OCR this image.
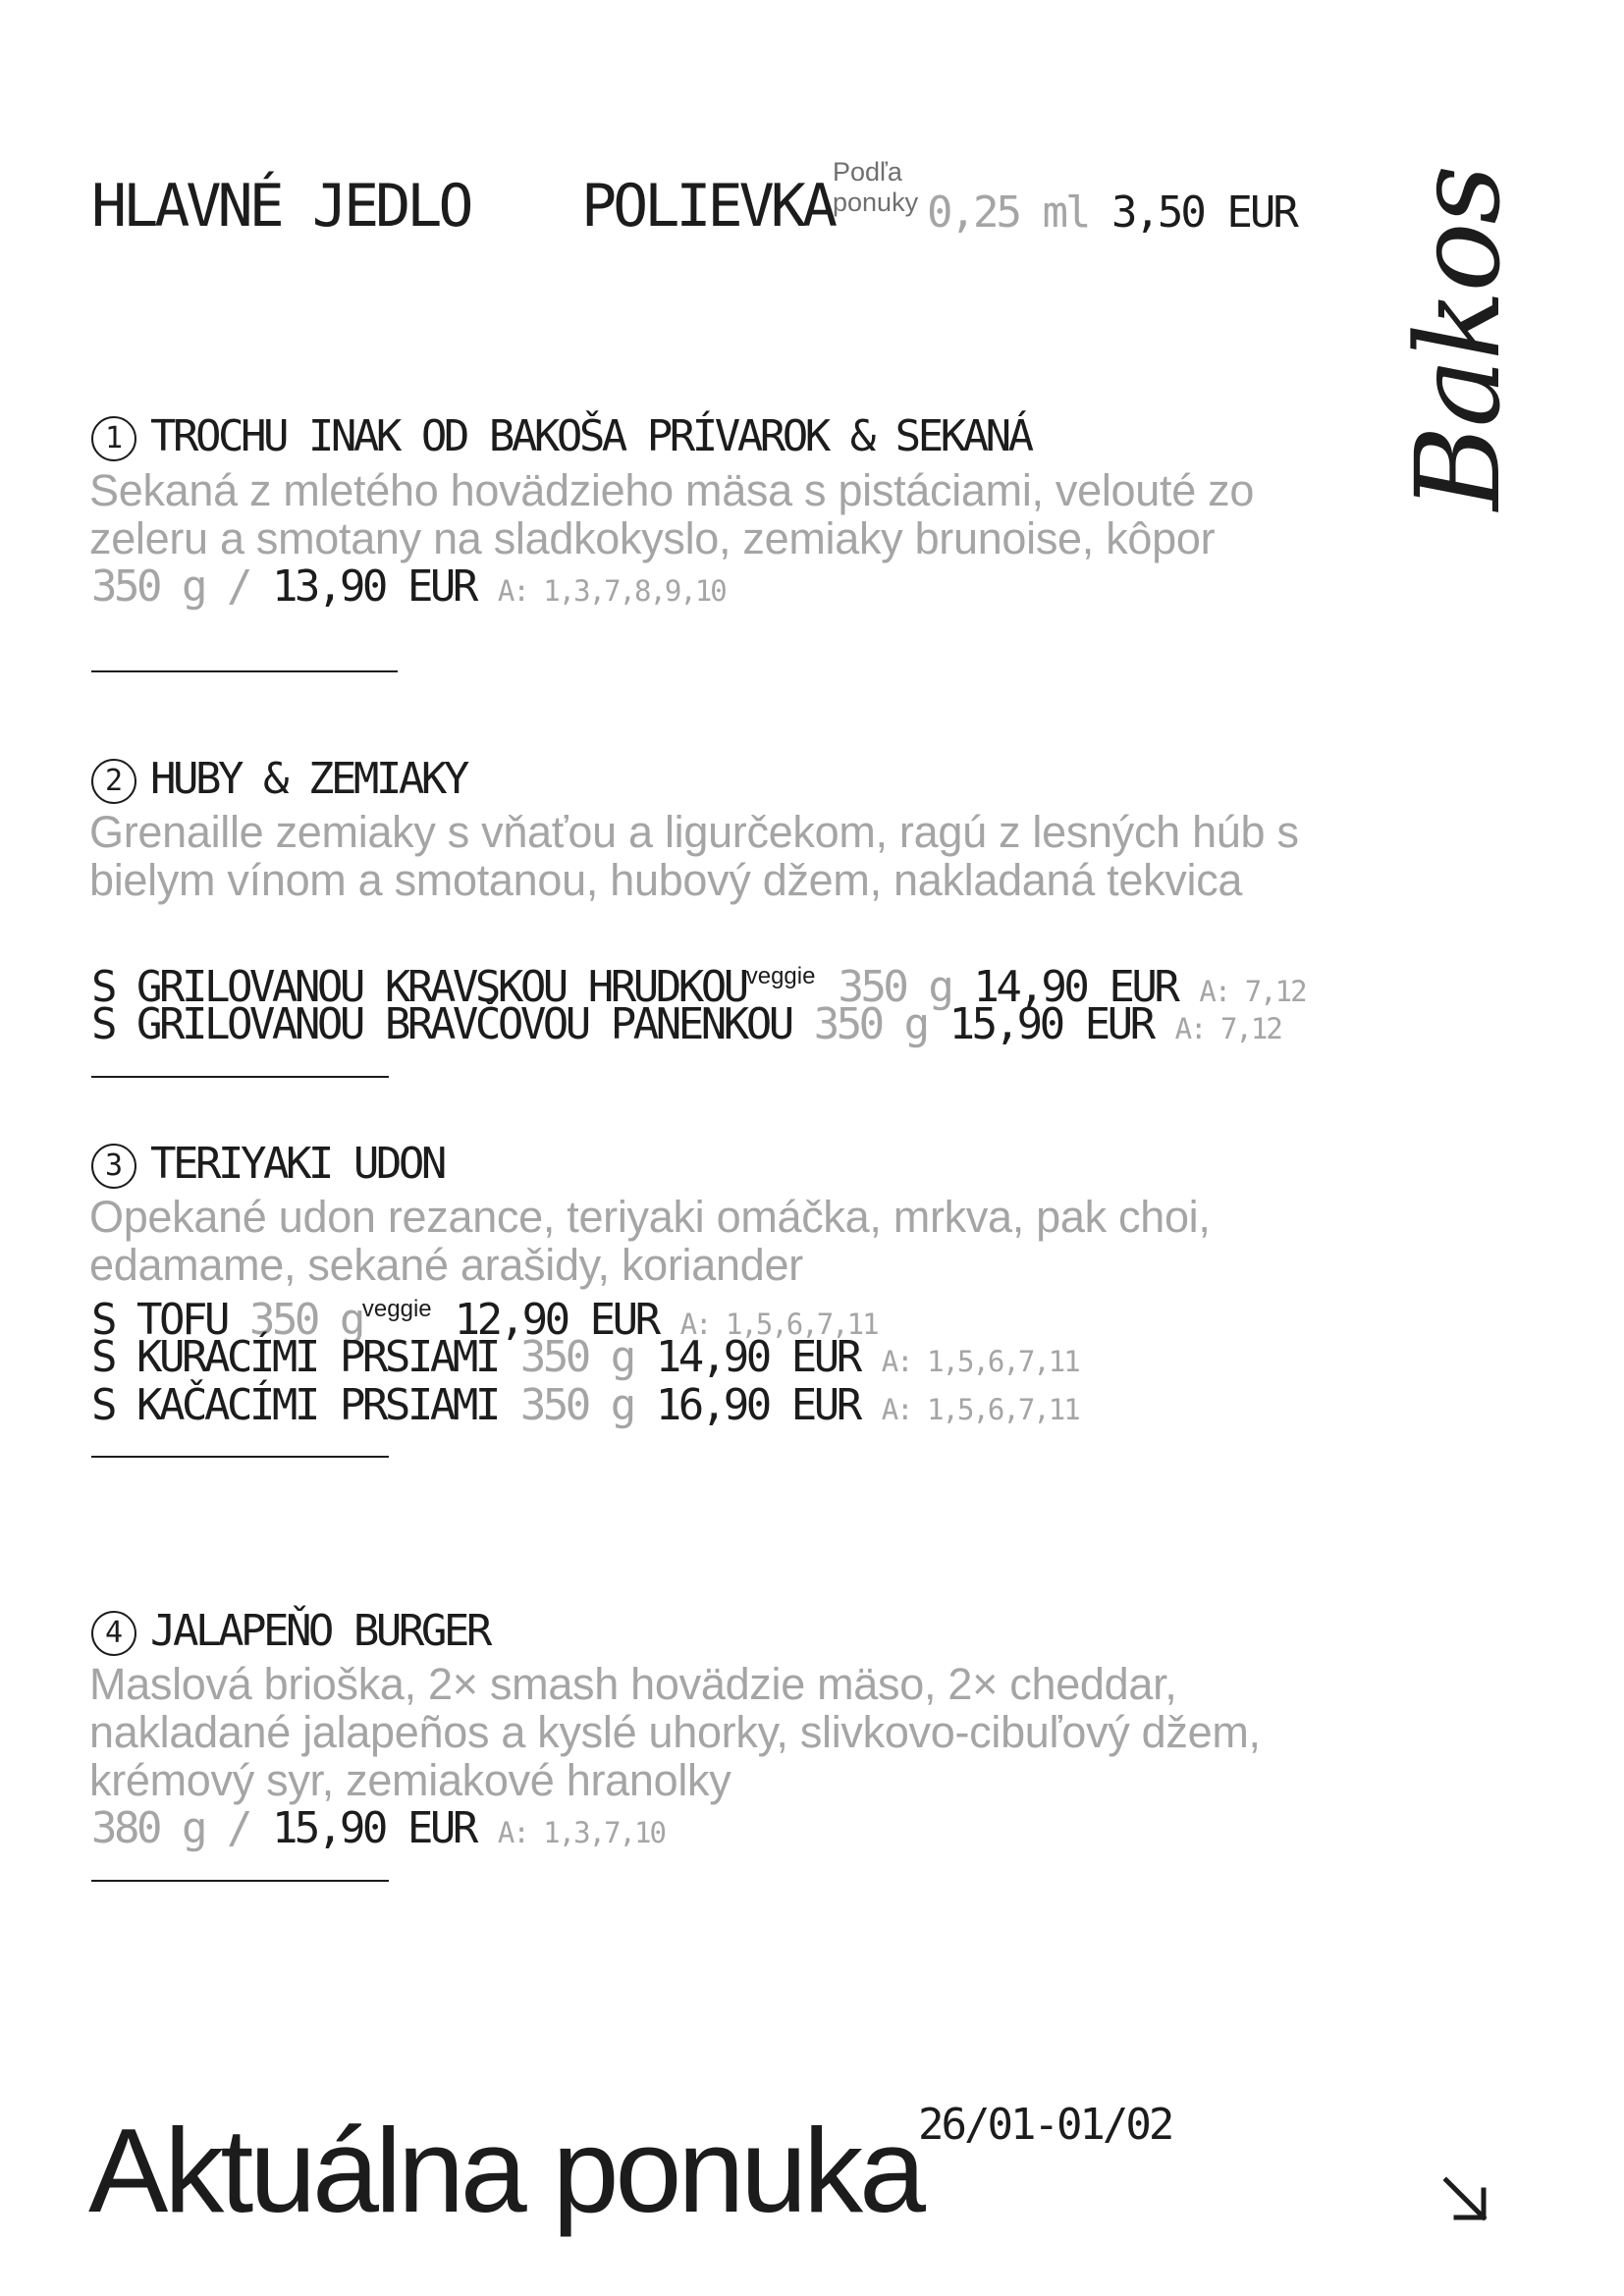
HLAVNÉ JEDLO POLIEVKA Podľa
ponuky 0,25 ml 3,50 EUR Bakos
1 TROCHU INAK OD BAKOŠA PRÍVAROK & SEKANÁ
Sekaná z mletého hovädzieho mäsa s pistáciami, velouté zo zeleru a smotany na sladkokyslo, zemiaky brunoise, kôpor
350 g / 13,90 EUR A: 1,3,7,8,9,10
2 HUBY & ZEMIAKY
Grenaille zemiaky s vňaťou a ligurčekom, ragú z lesných húb s bielym vínom a smotanou, hubový džem, nakladaná tekvica
S GRILOVANOU KRAVSKOU $HRUDKOU^{veggie}$ 350 g 14,90 EUR A: 7,12
S GRILOVANOU BRAVČOVOU PANENKOU 350 g 15,90 EUR A: 7,12
3 TERIYAKI UDON
Opekané udon rezance, teriyaki omáčka, mrkva, pak choi, edamame, sekané arašidy, koriander
S TOFU 350 $g^{veggie}$ 12,90 EUR A: 1,5,6,7,11
S KURACÍMI PRSIAMI 350 g 14,90 EUR A: 1,5,6,7,11
S KAČACÍMI PRSIAMI 350 g 16,90 EUR A: 1,5,6,7,11
4 JALAPEŇO BURGER
Maslová brioška, 2× smash hovädzie mäso, 2× cheddar, nakladané jalapeños a kyslé uhorky, slivkovo-cibuľový džem, krémový syr, zemiakové hranolky
380 g / 15,90 EUR A: 1,3,7,10
Aktuálna ponuka
26/01-01/02
